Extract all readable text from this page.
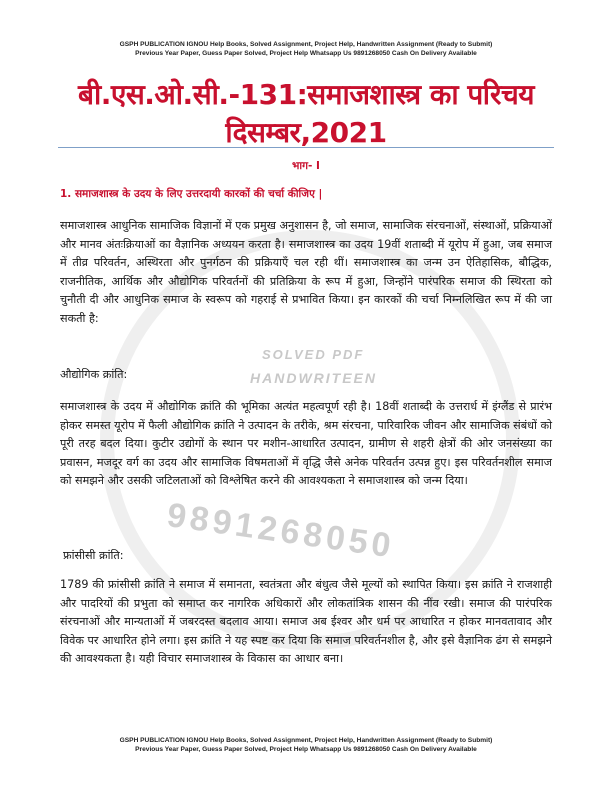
SOLVED PDF
HANDWRITEEN
9891268050
GSPH PUBLICATION IGNOU Help Books, Solved Assignment, Project Help, Handwritten Assignment (Ready to Submit)
Previous Year Paper, Guess Paper Solved, Project Help Whatsapp Us 9891268050 Cash On Delivery Available
बी.एस.ओ.सी.-131:समाजशास्त्र का परिचय
दिसम्बर,2021
भाग- I
1. समाजशास्त्र के उदय के लिए उत्तरदायी कारकों की चर्चा कीजिए |
समाजशास्त्र आधुनिक सामाजिक विज्ञानों में एक प्रमुख अनुशासन है, जो समाज, सामाजिक संरचनाओं, संस्थाओं, प्रक्रियाओं और मानव अंतःक्रियाओं का वैज्ञानिक अध्ययन करता है। समाजशास्त्र का उदय 19वीं शताब्दी में यूरोप में हुआ, जब समाज में तीव्र परिवर्तन, अस्थिरता और पुनर्गठन की प्रक्रियाएँ चल रही थीं। समाजशास्त्र का जन्म उन ऐतिहासिक, बौद्धिक, राजनीतिक, आर्थिक और औद्योगिक परिवर्तनों की प्रतिक्रिया के रूप में हुआ, जिन्होंने पारंपरिक समाज की स्थिरता को चुनौती दी और आधुनिक समाज के स्वरूप को गहराई से प्रभावित किया। इन कारकों की चर्चा निम्नलिखित रूप में की जा सकती है:
औद्योगिक क्रांति:
समाजशास्त्र के उदय में औद्योगिक क्रांति की भूमिका अत्यंत महत्वपूर्ण रही है। 18वीं शताब्दी के उत्तरार्ध में इंग्लैंड से प्रारंभ होकर समस्त यूरोप में फैली औद्योगिक क्रांति ने उत्पादन के तरीके, श्रम संरचना, पारिवारिक जीवन और सामाजिक संबंधों को पूरी तरह बदल दिया। कुटीर उद्योगों के स्थान पर मशीन-आधारित उत्पादन, ग्रामीण से शहरी क्षेत्रों की ओर जनसंख्या का प्रवासन, मजदूर वर्ग का उदय और सामाजिक विषमताओं में वृद्धि जैसे अनेक परिवर्तन उत्पन्न हुए। इस परिवर्तनशील समाज को समझने और उसकी जटिलताओं को विश्लेषित करने की आवश्यकता ने समाजशास्त्र को जन्म दिया।
फ्रांसीसी क्रांति:
1789 की फ्रांसीसी क्रांति ने समाज में समानता, स्वतंत्रता और बंधुत्व जैसे मूल्यों को स्थापित किया। इस क्रांति ने राजशाही और पादरियों की प्रभुता को समाप्त कर नागरिक अधिकारों और लोकतांत्रिक शासन की नींव रखी। समाज की पारंपरिक संरचनाओं और मान्यताओं में जबरदस्त बदलाव आया। समाज अब ईश्वर और धर्म पर आधारित न होकर मानवतावाद और विवेक पर आधारित होने लगा। इस क्रांति ने यह स्पष्ट कर दिया कि समाज परिवर्तनशील है, और इसे वैज्ञानिक ढंग से समझने की आवश्यकता है। यही विचार समाजशास्त्र के विकास का आधार बना।
GSPH PUBLICATION IGNOU Help Books, Solved Assignment, Project Help, Handwritten Assignment (Ready to Submit)
Previous Year Paper, Guess Paper Solved, Project Help Whatsapp Us 9891268050 Cash On Delivery Available
